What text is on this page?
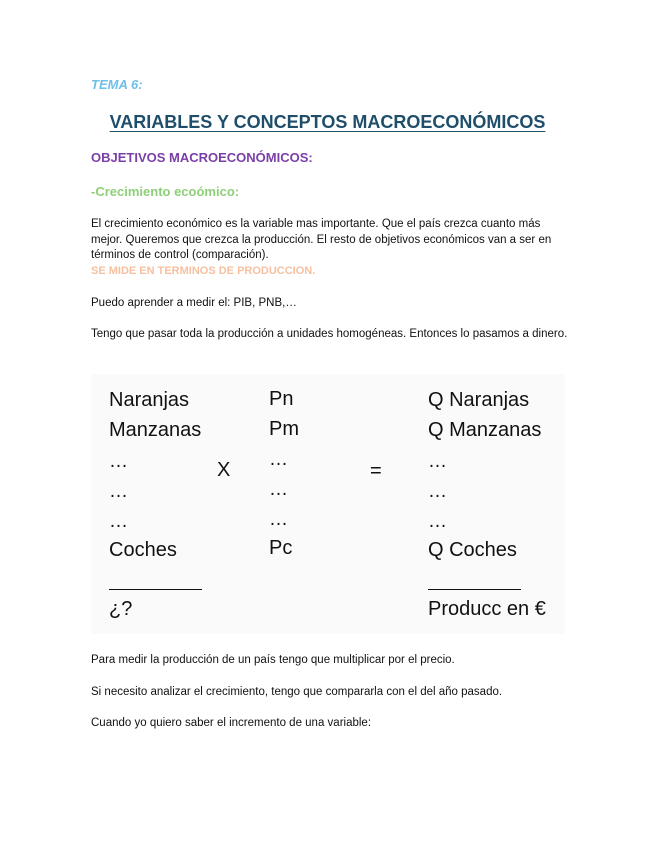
TEMA 6:
VARIABLES Y CONCEPTOS MACROECONÓMICOS
OBJETIVOS MACROECONÓMICOS:
-Crecimiento ecoómico:
El crecimiento económico es la variable mas importante. Que el país crezca cuanto más mejor. Queremos que crezca la producción. El resto de objetivos económicos van a ser en términos de control (comparación).
SE MIDE EN TERMINOS DE PRODUCCION.
Puedo aprender a medir el: PIB, PNB,…
Tengo que pasar toda la producción a unidades homogéneas. Entonces lo pasamos a dinero.
Naranjas
Manzanas
…
…
…
Coches
¿?
X
Pn
Pm
…
…
…
Pc
=
Q Naranjas
Q Manzanas
…
…
…
Q Coches
Producc en €
Para medir la producción de un país tengo que multiplicar por el precio.
Si necesito analizar el crecimiento, tengo que compararla con el del año pasado.
Cuando yo quiero saber el incremento de una variable:
